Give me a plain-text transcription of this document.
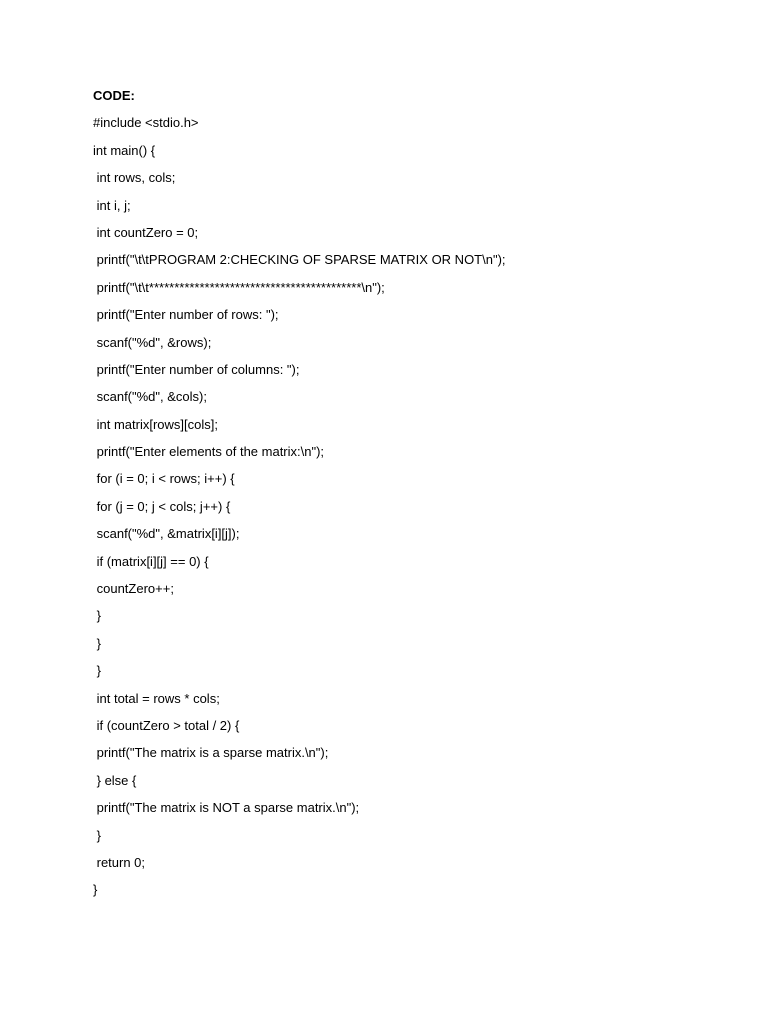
CODE:
#include <stdio.h>
int main() {
int rows, cols;
int i, j;
int countZero = 0;
printf("\t\tPROGRAM 2:CHECKING OF SPARSE MATRIX OR NOT\n");
printf("\t\t******************************************\n");
printf("Enter number of rows: ");
scanf("%d", &rows);
printf("Enter number of columns: ");
scanf("%d", &cols);
int matrix[rows][cols];
printf("Enter elements of the matrix:\n");
for (i = 0; i < rows; i++) {
for (j = 0; j < cols; j++) {
scanf("%d", &matrix[i][j]);
if (matrix[i][j] == 0) {
countZero++;
}
}
}
int total = rows * cols;
if (countZero > total / 2) {
printf("The matrix is a sparse matrix.\n");
} else {
printf("The matrix is NOT a sparse matrix.\n");
}
return 0;
}
